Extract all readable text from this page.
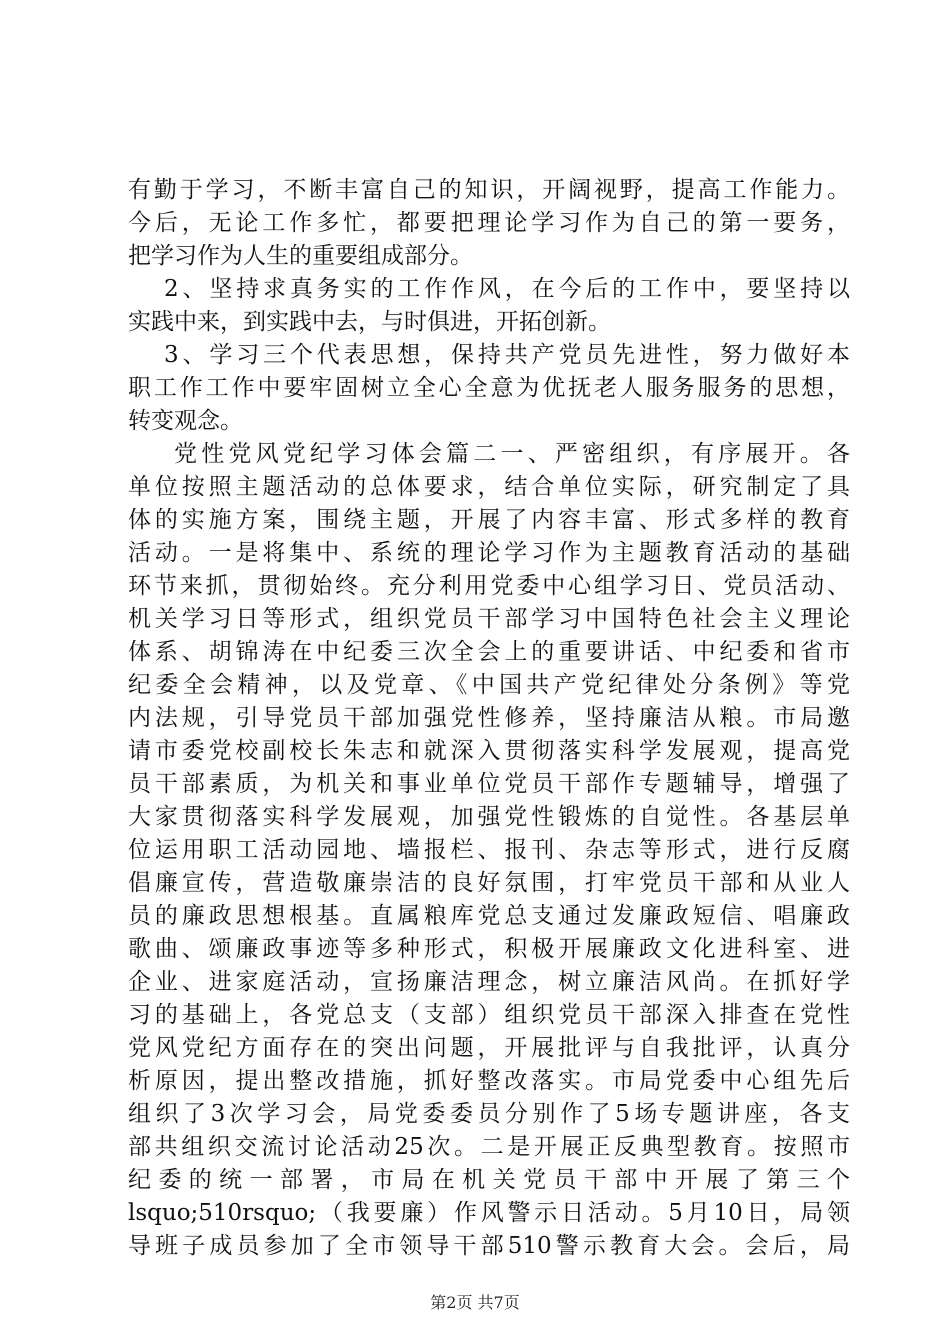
有勤于学习，不断丰富自己的知识，开阔视野，提高工作能力。
今后，无论工作多忙，都要把理论学习作为自己的第一要务，
把学习作为人生的重要组成部分。
2、坚持求真务实的工作作风，在今后的工作中，要坚持以
实践中来，到实践中去，与时俱进，开拓创新。
3、学习三个代表思想，保持共产党员先进性，努力做好本
职工作工作中要牢固树立全心全意为优抚老人服务服务的思想，
转变观念。
党性党风党纪学习体会篇二一、严密组织，有序展开。各
单位按照主题活动的总体要求，结合单位实际，研究制定了具
体的实施方案，围绕主题，开展了内容丰富、形式多样的教育
活动。一是将集中、系统的理论学习作为主题教育活动的基础
环节来抓，贯彻始终。充分利用党委中心组学习日、党员活动、
机关学习日等形式，组织党员干部学习中国特色社会主义理论
体系、胡锦涛在中纪委三次全会上的重要讲话、中纪委和省市
纪委全会精神，以及党章、《中国共产党纪律处分条例》等党
内法规，引导党员干部加强党性修养，坚持廉洁从粮。市局邀
请市委党校副校长朱志和就深入贯彻落实科学发展观，提高党
员干部素质，为机关和事业单位党员干部作专题辅导，增强了
大家贯彻落实科学发展观，加强党性锻炼的自觉性。各基层单
位运用职工活动园地、墙报栏、报刊、杂志等形式，进行反腐
倡廉宣传，营造敬廉崇洁的良好氛围，打牢党员干部和从业人
员的廉政思想根基。直属粮库党总支通过发廉政短信、唱廉政
歌曲、颂廉政事迹等多种形式，积极开展廉政文化进科室、进
企业、进家庭活动，宣扬廉洁理念，树立廉洁风尚。在抓好学
习的基础上，各党总支（支部）组织党员干部深入排查在党性
党风党纪方面存在的突出问题，开展批评与自我批评，认真分
析原因，提出整改措施，抓好整改落实。市局党委中心组先后
组织了3次学习会，局党委委员分别作了5场专题讲座，各支
部共组织交流讨论活动25次。二是开展正反典型教育。按照市
纪委的统一部署，市局在机关党员干部中开展了第三个
lsquo;510rsquo;（我要廉）作风警示日活动。5月10日，局领
导班子成员参加了全市领导干部510警示教育大会。会后，局
第2页 共7页
